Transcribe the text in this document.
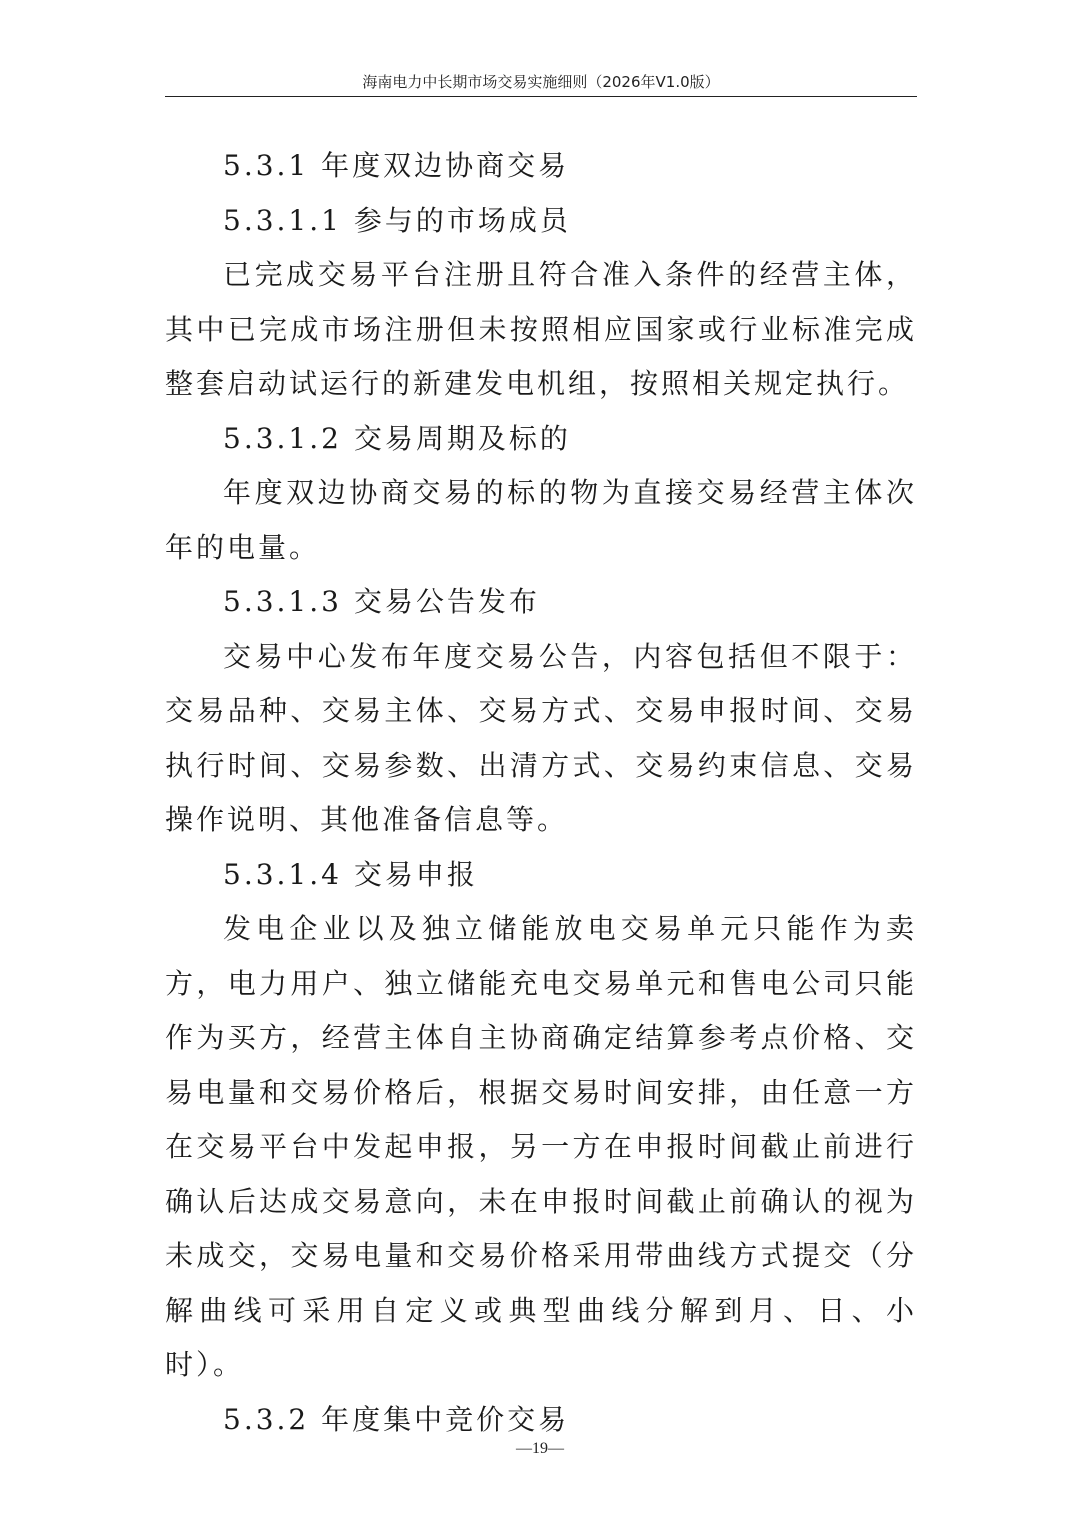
海南电力中长期市场交易实施细则（2026年V1.0版）

5.3.1 年度双边协商交易

5.3.1.1 参与的市场成员

已完成交易平台注册且符合准入条件的经营主体，其中已完成市场注册但未按照相应国家或行业标准完成整套启动试运行的新建发电机组，按照相关规定执行。

5.3.1.2 交易周期及标的

年度双边协商交易的标的物为直接交易经营主体次年的电量。

5.3.1.3 交易公告发布

交易中心发布年度交易公告，内容包括但不限于：交易品种、交易主体、交易方式、交易申报时间、交易执行时间、交易参数、出清方式、交易约束信息、交易操作说明、其他准备信息等。

5.3.1.4 交易申报

发电企业以及独立储能放电交易单元只能作为卖方，电力用户、独立储能充电交易单元和售电公司只能作为买方，经营主体自主协商确定结算参考点价格、交易电量和交易价格后，根据交易时间安排，由任意一方在交易平台中发起申报，另一方在申报时间截止前进行确认后达成交易意向，未在申报时间截止前确认的视为未成交，交易电量和交易价格采用带曲线方式提交（分解曲线可采用自定义或典型曲线分解到月、日、小时）。

5.3.2 年度集中竞价交易

—19—
